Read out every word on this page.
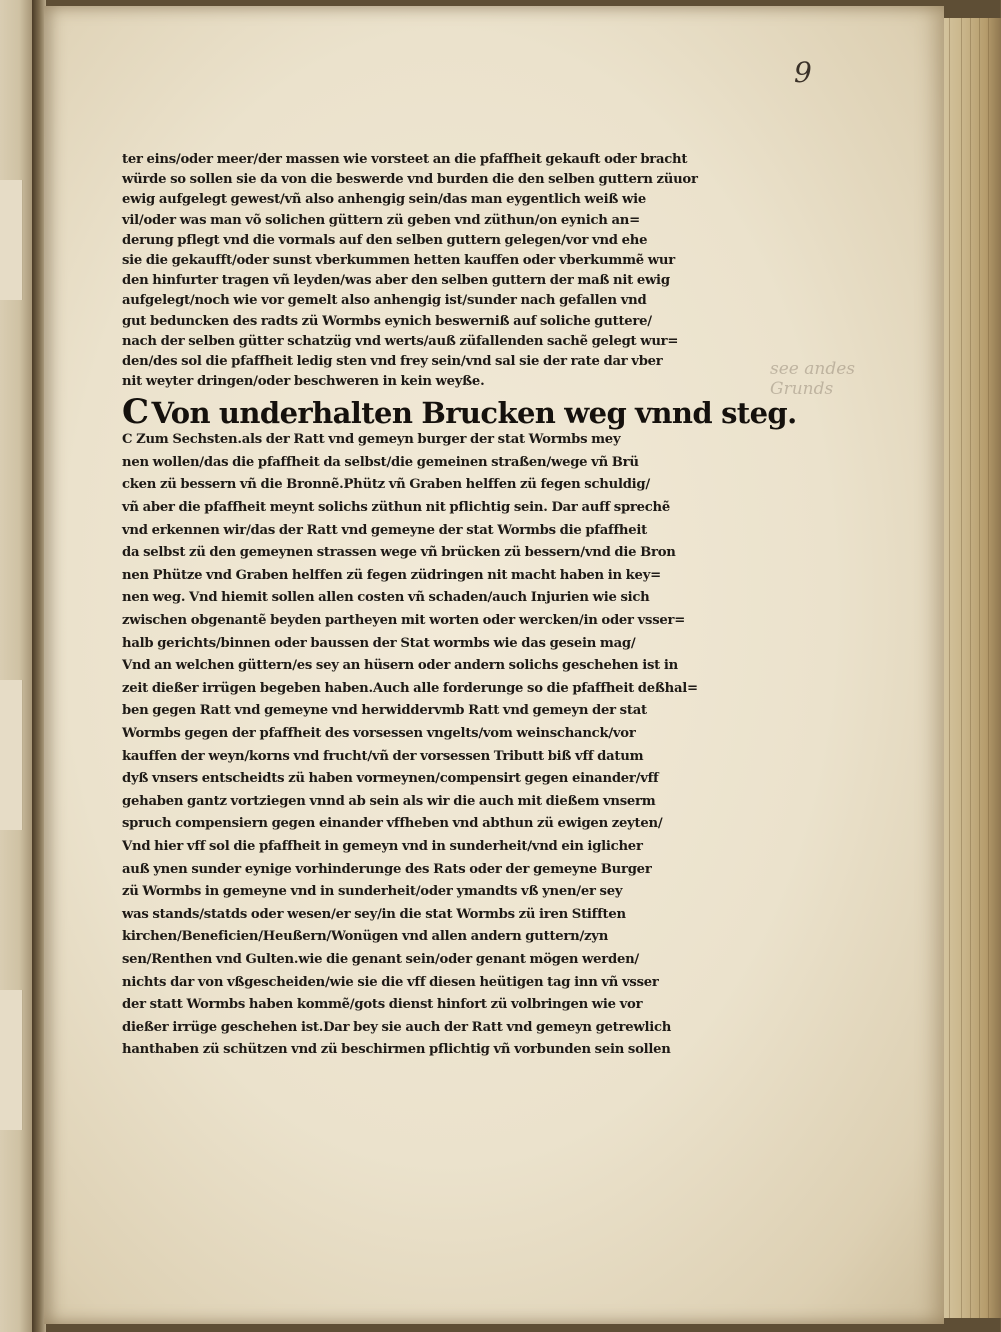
9
see andes
Grunds
ter eins/oder meer/der massen wie vorsteet an die pfaffheit gekauft oder bracht
würde so sollen sie da von die beswerde vnd burden die den selben guttern züuor
ewig aufgelegt gewest/vñ also anhengig sein/das man eygentlich weiß wie
vil/oder was man võ solichen güttern zü geben vnd züthun/on eynich an=
derung pflegt vnd die vormals auf den selben guttern gelegen/vor vnd ehe
sie die gekaufft/oder sunst vberkummen hetten kauffen oder vberkummẽ wur
den hinfurter tragen vñ leyden/was aber den selben guttern der maß nit ewig
aufgelegt/noch wie vor gemelt also anhengig ist/sunder nach gefallen vnd
gut beduncken des radts zü Wormbs eynich beswerniß auf soliche guttere/
nach der selben gütter schatzüg vnd werts/auß züfallenden sachẽ gelegt wur=
den/des sol die pfaffheit ledig sten vnd frey sein/vnd sal sie der rate dar vber
nit weyter dringen/oder beschweren in kein weyße.
C Von underhalten Brucken weg vnnd steg.
C Zum Sechsten.als der Ratt vnd gemeyn burger der stat Wormbs mey
nen wollen/das die pfaffheit da selbst/die gemeinen straßen/wege vñ Brü
cken zü bessern vñ die Bronnẽ.Phütz vñ Graben helffen zü fegen schuldig/
vñ aber die pfaffheit meynt solichs züthun nit pflichtig sein. Dar auff sprechẽ
vnd erkennen wir/das der Ratt vnd gemeyne der stat Wormbs die pfaffheit
da selbst zü den gemeynen strassen wege vñ brücken zü bessern/vnd die Bron
nen Phütze vnd Graben helffen zü fegen züdringen nit macht haben in key=
nen weg. Vnd hiemit sollen allen costen vñ schaden/auch Injurien wie sich
zwischen obgenantẽ beyden partheyen mit worten oder wercken/in oder vsser=
halb gerichts/binnen oder baussen der Stat wormbs wie das gesein mag/
Vnd an welchen güttern/es sey an hüsern oder andern solichs geschehen ist in
zeit dießer irrügen begeben haben.Auch alle forderunge so die pfaffheit deßhal=
ben gegen Ratt vnd gemeyne vnd herwiddervmb Ratt vnd gemeyn der stat
Wormbs gegen der pfaffheit des vorsessen vngelts/vom weinschanck/vor
kauffen der weyn/korns vnd frucht/vñ der vorsessen Tributt biß vff datum
dyß vnsers entscheidts zü haben vormeynen/compensirt gegen einander/vff
gehaben gantz vortziegen vnnd ab sein als wir die auch mit dießem vnserm
spruch compensiern gegen einander vffheben vnd abthun zü ewigen zeyten/
Vnd hier vff sol die pfaffheit in gemeyn vnd in sunderheit/vnd ein iglicher
auß ynen sunder eynige vorhinderunge des Rats oder der gemeyne Burger
zü Wormbs in gemeyne vnd in sunderheit/oder ymandts vß ynen/er sey
was stands/statds oder wesen/er sey/in die stat Wormbs zü iren Stifften
kirchen/Beneficien/Heußern/Wonügen vnd allen andern guttern/zyn
sen/Renthen vnd Gulten.wie die genant sein/oder genant mögen werden/
nichts dar von vßgescheiden/wie sie die vff diesen heütigen tag inn vñ vsser
der statt Wormbs haben kommẽ/gots dienst hinfort zü volbringen wie vor
dießer irrüge geschehen ist.Dar bey sie auch der Ratt vnd gemeyn getrewlich
hanthaben zü schützen vnd zü beschirmen pflichtig vñ vorbunden sein sollen
